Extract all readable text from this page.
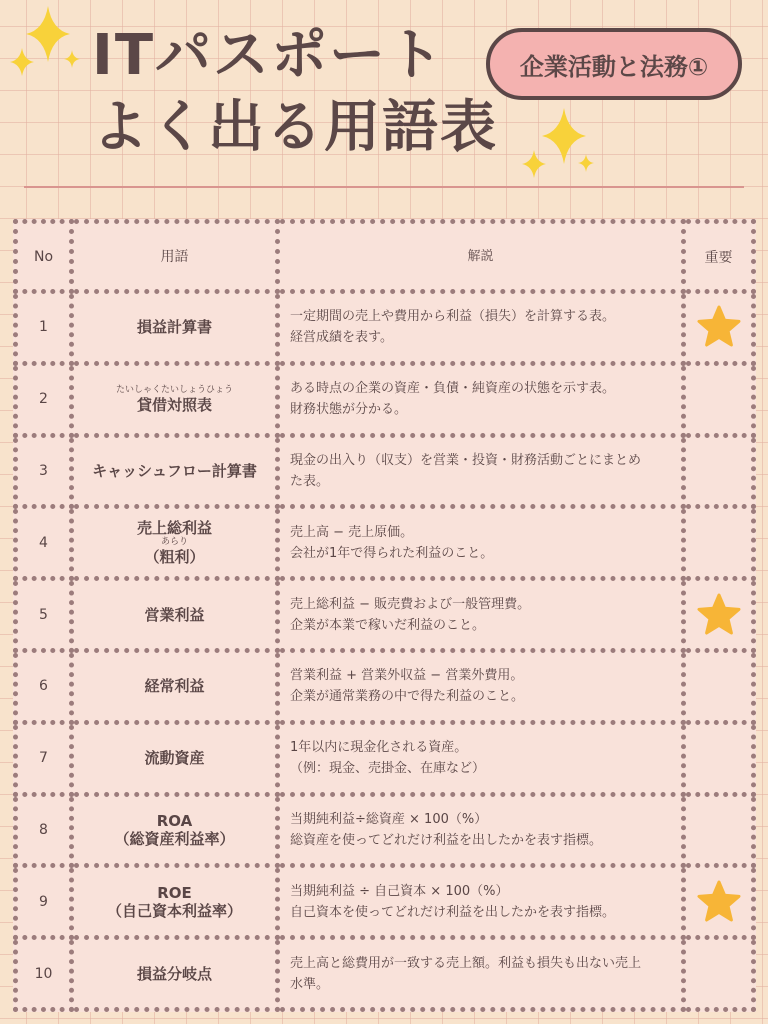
ITパスポート
よく出る用語表
企業活動と法務①
No	用語	解説	重要
1	損益計算書	一定期間の売上や費用から利益（損失）を計算する表。
経営成績を表す。

2	たいしゃくたいしょうひょう
貸借対照表	ある時点の企業の資産・負債・純資産の状態を示す表。
財務状態が分かる。	

3	キャッシュフロー計算書	現金の出入り（収支）を営業・投資・財務活動ごとにまとめ
た表。	

4	売上総利益
あらり
（粗利）	売上高 − 売上原価。
会社が1年で得られた利益のこと。	

5	営業利益	売上総利益 − 販売費および一般管理費。
企業が本業で稼いだ利益のこと。

6	経常利益	営業利益 + 営業外収益 − 営業外費用。
企業が通常業務の中で得た利益のこと。	

7	流動資産	1年以内に現金化される資産。
（例：現金、売掛金、在庫など）	

8	ROA
（総資産利益率）	当期純利益÷総資産 × 100（%）
総資産を使ってどれだけ利益を出したかを表す指標。	

9	ROE
（自己資本利益率）	当期純利益 ÷ 自己資本 × 100（%）
自己資本を使ってどれだけ利益を出したかを表す指標。

10	損益分岐点	売上高と総費用が一致する売上額。利益も損失も出ない売上
水準。	
